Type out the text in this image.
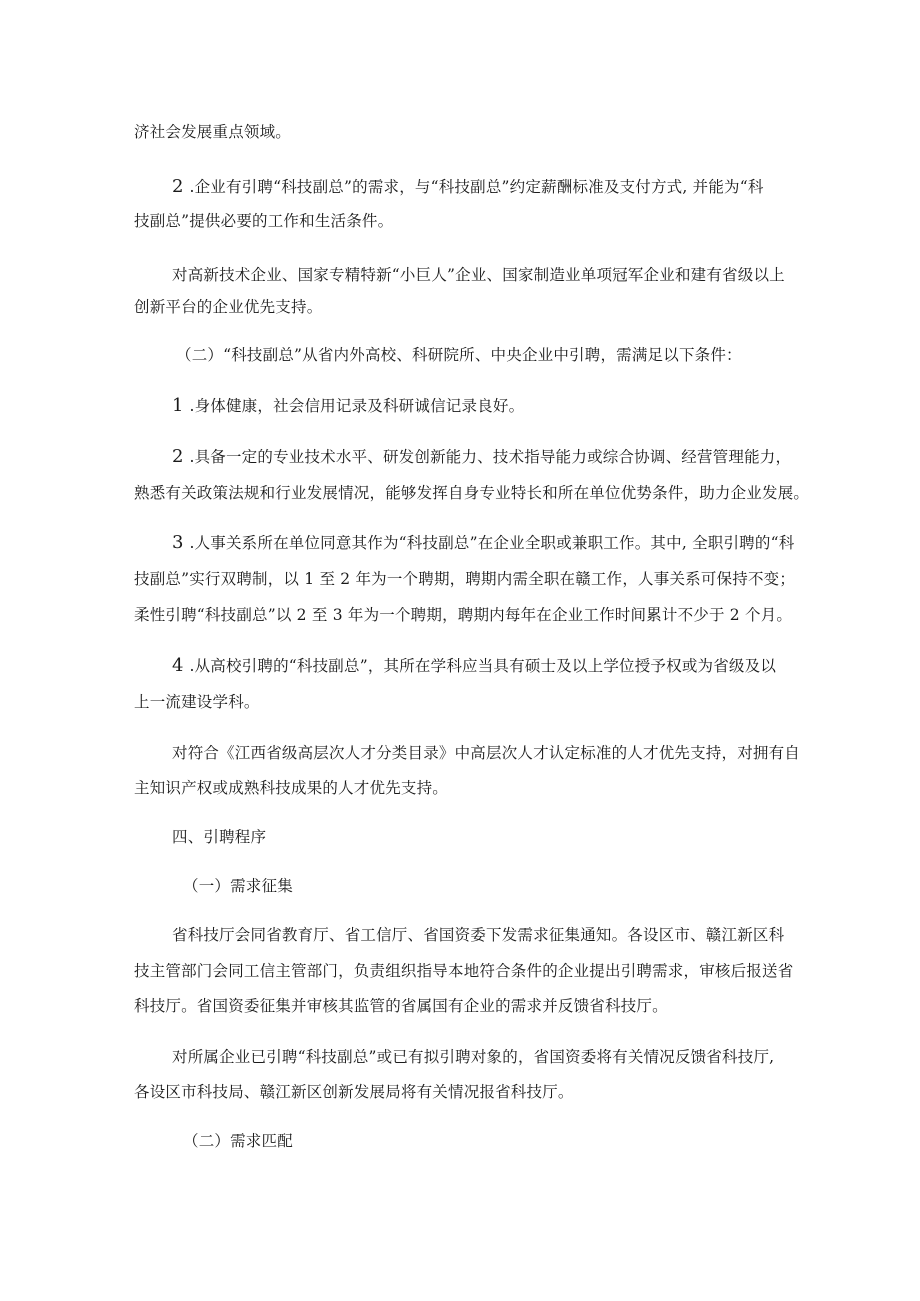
济社会发展重点领域。
2 .企业有引聘“科技副总”的需求，与“科技副总”约定薪酬标准及支付方式, 并能为“科
技副总”提供必要的工作和生活条件。
对高新技术企业、国家专精特新“小巨人”企业、国家制造业单项冠军企业和建有省级以上
创新平台的企业优先支持。
（二）“科技副总”从省内外高校、科研院所、中央企业中引聘，需满足以下条件：
1 .身体健康，社会信用记录及科研诚信记录良好。
2 .具备一定的专业技术水平、研发创新能力、技术指导能力或综合协调、经营管理能力，
熟悉有关政策法规和行业发展情况，能够发挥自身专业特长和所在单位优势条件，助力企业发展。
3 .人事关系所在单位同意其作为“科技副总”在企业全职或兼职工作。其中, 全职引聘的“科
技副总”实行双聘制，以 1 至 2 年为一个聘期，聘期内需全职在赣工作，人事关系可保持不变；
柔性引聘“科技副总”以 2 至 3 年为一个聘期，聘期内每年在企业工作时间累计不少于 2 个月。
4 .从高校引聘的“科技副总”，其所在学科应当具有硕士及以上学位授予权或为省级及以
上一流建设学科。
对符合《江西省级高层次人才分类目录》中高层次人才认定标准的人才优先支持，对拥有自
主知识产权或成熟科技成果的人才优先支持。
四、引聘程序
（一）需求征集
省科技厅会同省教育厅、省工信厅、省国资委下发需求征集通知。各设区市、赣江新区科
技主管部门会同工信主管部门，负责组织指导本地符合条件的企业提出引聘需求，审核后报送省
科技厅。省国资委征集并审核其监管的省属国有企业的需求并反馈省科技厅。
对所属企业已引聘“科技副总”或已有拟引聘对象的，省国资委将有关情况反馈省科技厅,
各设区市科技局、赣江新区创新发展局将有关情况报省科技厅。
（二）需求匹配
